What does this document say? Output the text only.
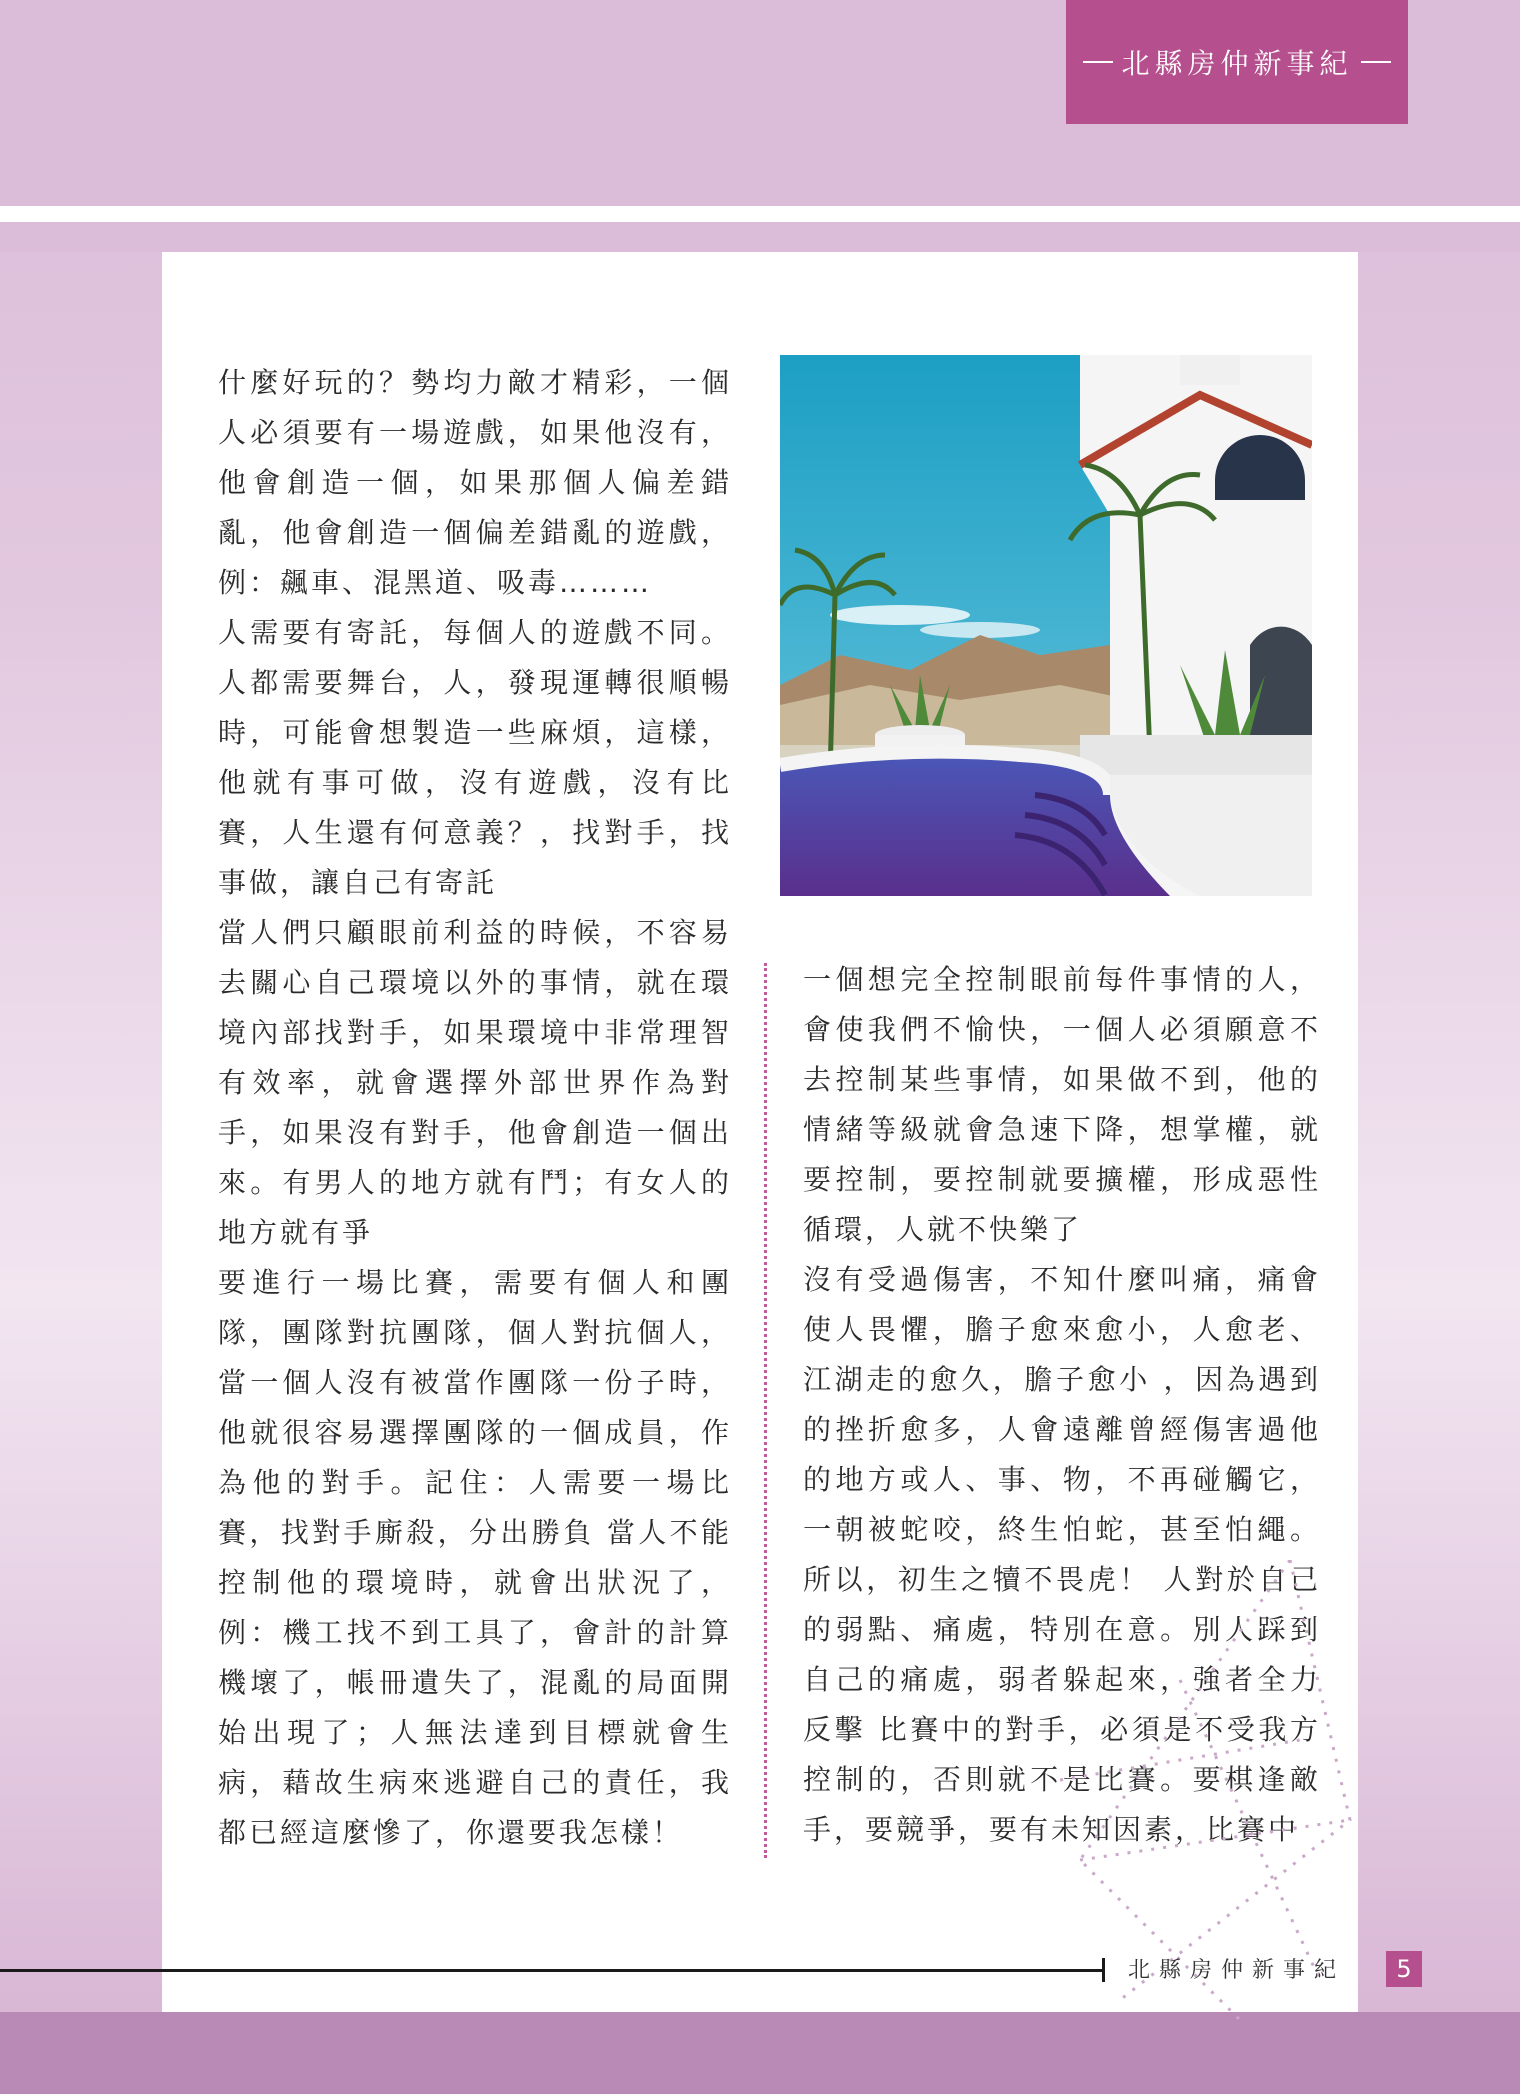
北縣房仲新事紀

什麼好玩的？勢均力敵才精彩，一個人必須要有一場遊戲，如果他沒有，他會創造一個，如果那個人偏差錯亂，他會創造一個偏差錯亂的遊戲，例：飆車、混黑道、吸毒………

人需要有寄託，每個人的遊戲不同。人都需要舞台，人，發現運轉很順暢時，可能會想製造一些麻煩，這樣，他就有事可做，沒有遊戲，沒有比賽，人生還有何意義？，找對手，找事做，讓自己有寄託

當人們只顧眼前利益的時候，不容易去關心自己環境以外的事情，就在環境內部找對手，如果環境中非常理智有效率，就會選擇外部世界作為對手，如果沒有對手，他會創造一個出來。有男人的地方就有鬥；有女人的地方就有爭

要進行一場比賽，需要有個人和團隊，團隊對抗團隊，個人對抗個人，當一個人沒有被當作團隊一份子時，他就很容易選擇團隊的一個成員，作為他的對手。記住：人需要一場比賽，找對手廝殺，分出勝負 當人不能控制他的環境時，就會出狀況了，例：機工找不到工具了，會計的計算機壞了，帳冊遺失了，混亂的局面開始出現了；人無法達到目標就會生病，藉故生病來逃避自己的責任，我都已經這麼慘了，你還要我怎樣！

一個想完全控制眼前每件事情的人，會使我們不愉快，一個人必須願意不去控制某些事情，如果做不到，他的情緒等級就會急速下降，想掌權，就要控制，要控制就要擴權，形成惡性循環，人就不快樂了

沒有受過傷害，不知什麼叫痛，痛會使人畏懼，膽子愈來愈小，人愈老、江湖走的愈久，膽子愈小 ，因為遇到的挫折愈多，人會遠離曾經傷害過他的地方或人、事、物，不再碰觸它，一朝被蛇咬，終生怕蛇，甚至怕繩。所以，初生之犢不畏虎！ 人對於自己的弱點、痛處，特別在意。別人踩到自己的痛處，弱者躲起來，強者全力反擊 比賽中的對手，必須是不受我方控制的，否則就不是比賽。要棋逢敵手，要競爭，要有未知因素，比賽中

北縣房仲新事紀	5
